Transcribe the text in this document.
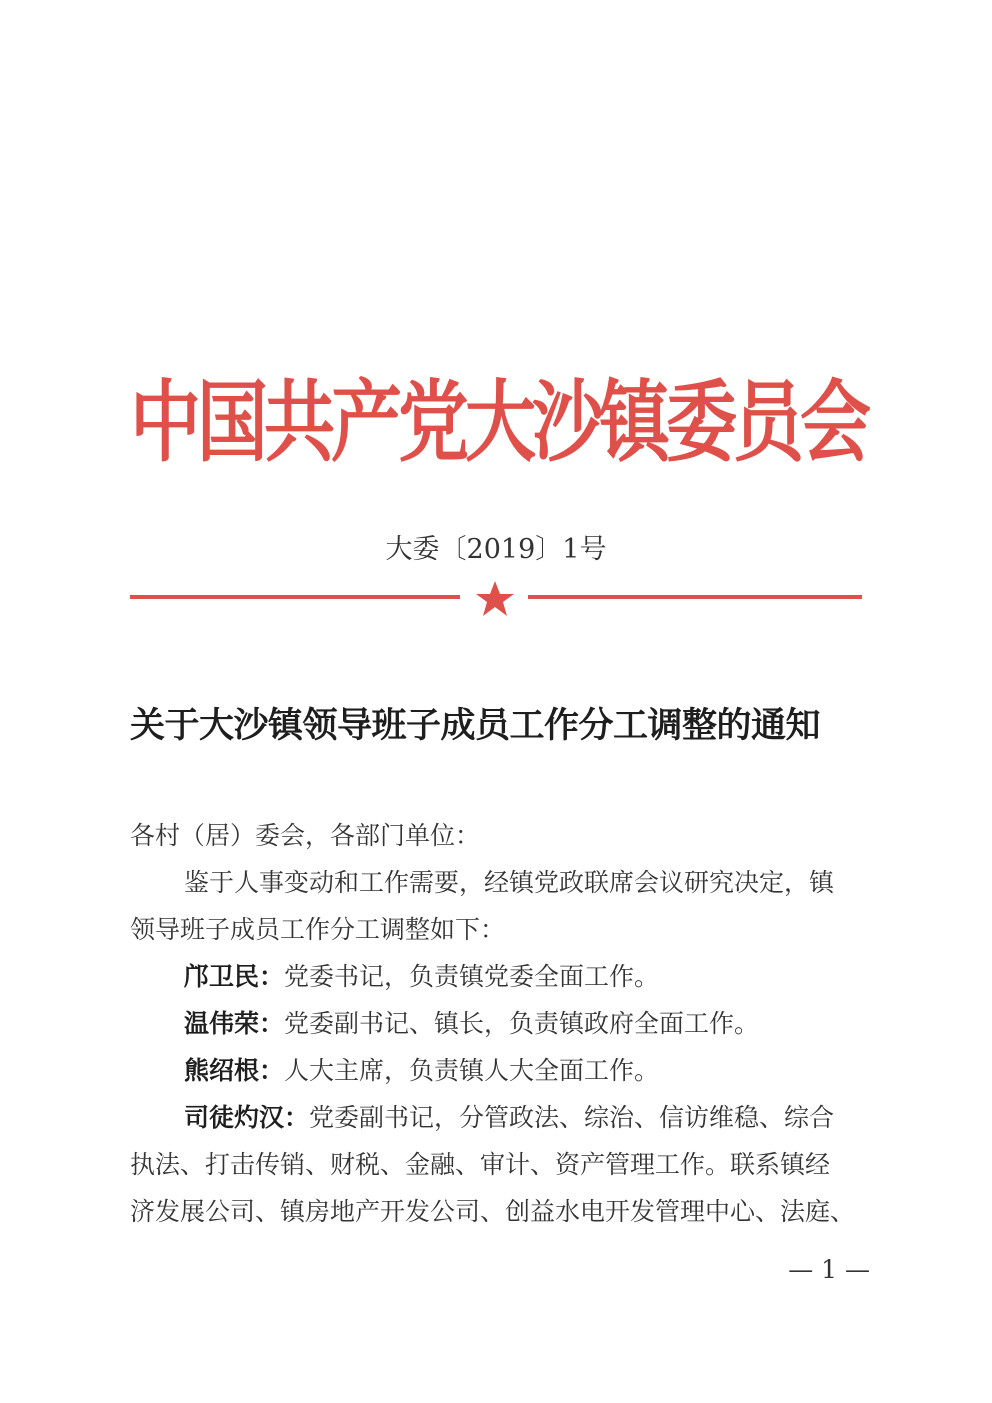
中国共产党大沙镇委员会
大委〔2019〕1号
关于大沙镇领导班子成员工作分工调整的通知

各村（居）委会，各部门单位：

鉴于人事变动和工作需要，经镇党政联席会议研究决定，镇

领导班子成员工作分工调整如下：

邝卫民：党委书记，负责镇党委全面工作。

温伟荣：党委副书记、镇长，负责镇政府全面工作。

熊绍根：人大主席，负责镇人大全面工作。

司徒灼汉：党委副书记，分管政法、综治、信访维稳、综合

执法、打击传销、财税、金融、审计、资产管理工作。联系镇经

济发展公司、镇房地产开发公司、创益水电开发管理中心、法庭、

— 1 —
